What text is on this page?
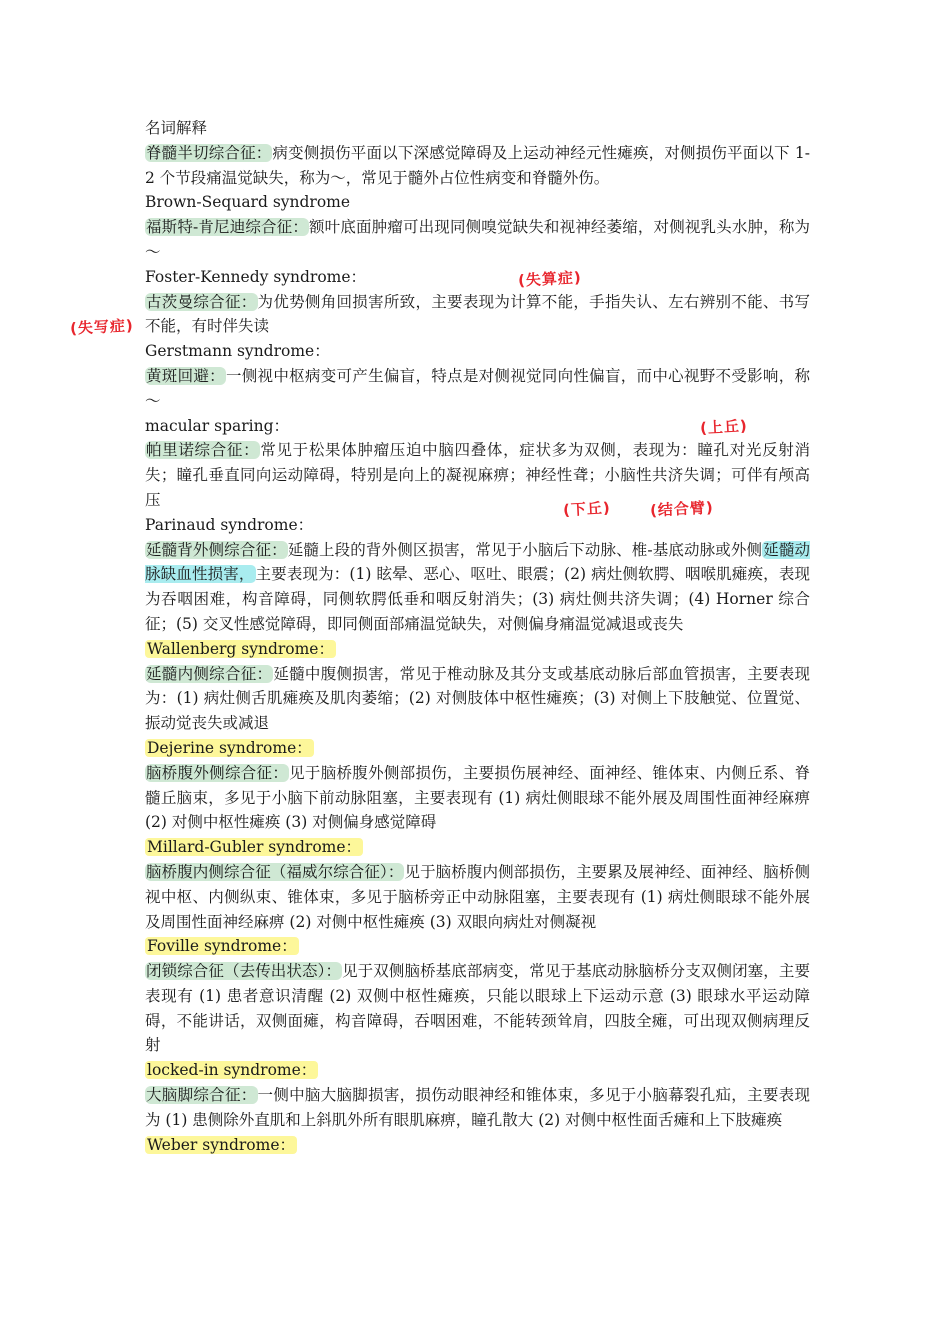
名词解释
脊髓半切综合征：病变侧损伤平面以下深感觉障碍及上运动神经元性瘫痪，对侧损伤平面以下 1-2 个节段痛温觉缺失，称为～，常见于髓外占位性病变和脊髓外伤。
Brown-Sequard syndrome
福斯特-肯尼迪综合征：额叶底面肿瘤可出现同侧嗅觉缺失和视神经萎缩，对侧视乳头水肿，称为～
Foster-Kennedy syndrome：
古茨曼综合征：为优势侧角回损害所致，主要表现为计算不能，手指失认、左右辨别不能、书写不能，有时伴失读
Gerstmann syndrome：
黄斑回避：一侧视中枢病变可产生偏盲，特点是对侧视觉同向性偏盲，而中心视野不受影响，称～
macular sparing：
帕里诺综合征：常见于松果体肿瘤压迫中脑四叠体，症状多为双侧，表现为：瞳孔对光反射消失；瞳孔垂直同向运动障碍，特别是向上的凝视麻痹；神经性聋；小脑性共济失调；可伴有颅高压
Parinaud syndrome：
延髓背外侧综合征：延髓上段的背外侧区损害，常见于小脑后下动脉、椎-基底动脉或外侧延髓动脉缺血性损害，主要表现为：(1) 眩晕、恶心、呕吐、眼震；(2) 病灶侧软腭、咽喉肌瘫痪，表现为吞咽困难，构音障碍，同侧软腭低垂和咽反射消失；(3) 病灶侧共济失调；(4) Horner 综合征；(5) 交叉性感觉障碍，即同侧面部痛温觉缺失，对侧偏身痛温觉减退或丧失
Wallenberg syndrome：
延髓内侧综合征：延髓中腹侧损害，常见于椎动脉及其分支或基底动脉后部血管损害，主要表现为：(1) 病灶侧舌肌瘫痪及肌肉萎缩；(2) 对侧肢体中枢性瘫痪；(3) 对侧上下肢触觉、位置觉、振动觉丧失或减退
Dejerine syndrome：
脑桥腹外侧综合征：见于脑桥腹外侧部损伤，主要损伤展神经、面神经、锥体束、内侧丘系、脊髓丘脑束，多见于小脑下前动脉阻塞，主要表现有 (1) 病灶侧眼球不能外展及周围性面神经麻痹 (2) 对侧中枢性瘫痪 (3) 对侧偏身感觉障碍
Millard-Gubler syndrome：
脑桥腹内侧综合征（福威尔综合征）：见于脑桥腹内侧部损伤，主要累及展神经、面神经、脑桥侧视中枢、内侧纵束、锥体束，多见于脑桥旁正中动脉阻塞，主要表现有 (1) 病灶侧眼球不能外展及周围性面神经麻痹 (2) 对侧中枢性瘫痪 (3) 双眼向病灶对侧凝视
Foville syndrome：
闭锁综合征（去传出状态）：见于双侧脑桥基底部病变，常见于基底动脉脑桥分支双侧闭塞，主要表现有 (1) 患者意识清醒 (2) 双侧中枢性瘫痪，只能以眼球上下运动示意 (3) 眼球水平运动障碍，不能讲话，双侧面瘫，构音障碍，吞咽困难，不能转颈耸肩，四肢全瘫，可出现双侧病理反射
locked-in syndrome：
大脑脚综合征：一侧中脑大脑脚损害，损伤动眼神经和锥体束，多见于小脑幕裂孔疝，主要表现为 (1) 患侧除外直肌和上斜肌外所有眼肌麻痹，瞳孔散大 (2) 对侧中枢性面舌瘫和上下肢瘫痪
Weber syndrome：
(失算症)
(失写症)
(上丘)
(下丘)	(结合臂)
